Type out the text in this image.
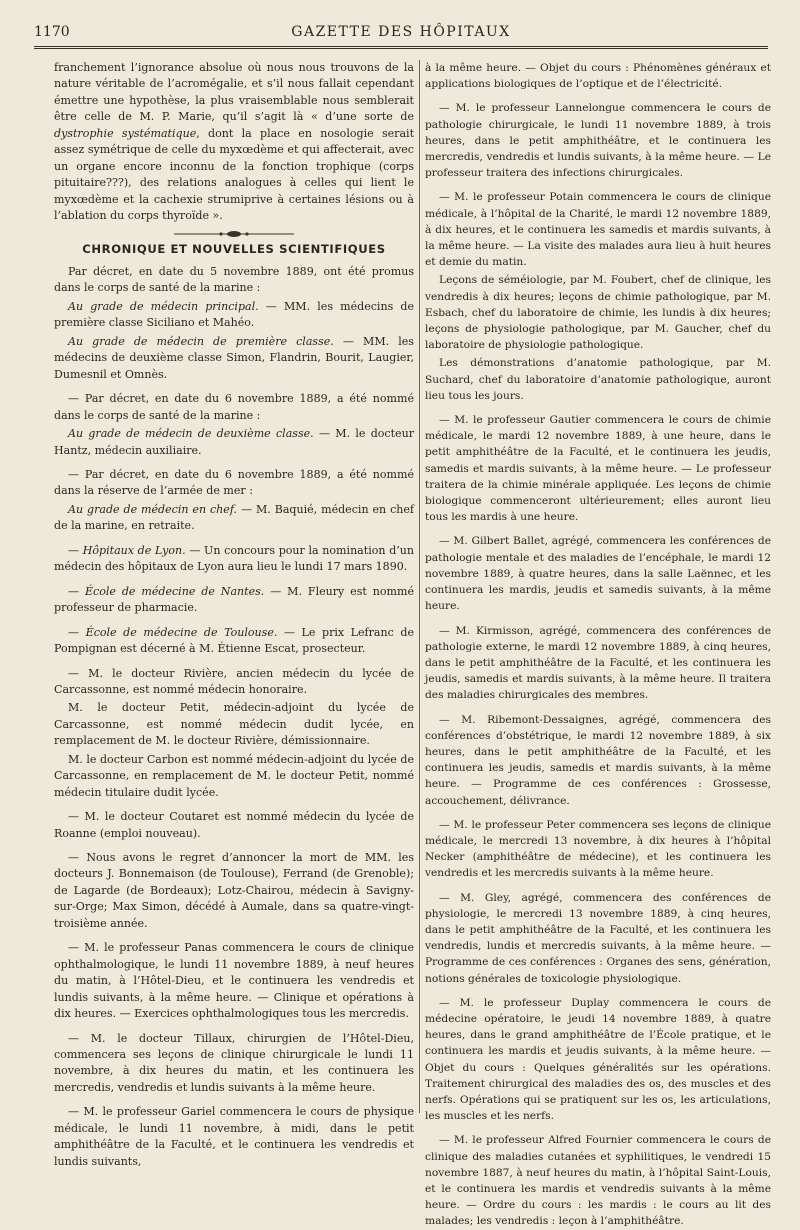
1170	GAZETTE DES HÔPITAUX

franchement l’ignorance absolue où nous nous trouvons de la nature véritable de l’acromégalie, et s’il nous fallait cependant émettre une hypothèse, la plus vraisemblable nous semblerait être celle de M. P. Marie, qu’il s’agit là « d’une sorte de dystrophie systématique, dont la place en nosologie serait assez symétrique de celle du myxœdème et qui affecterait, avec un organe encore inconnu de la fonction trophique (corps pituitaire???), des relations analogues à celles qui lient le myxœdème et la cachexie strumiprive à certaines lésions ou à l’ablation du corps thyroïde ».

CHRONIQUE ET NOUVELLES SCIENTIFIQUES

Par décret, en date du 5 novembre 1889, ont été promus dans le corps de santé de la marine :

Au grade de médecin principal. — MM. les médecins de première classe Siciliano et Mahéo.

Au grade de médecin de première classe. — MM. les médecins de deuxième classe Simon, Flandrin, Bourit, Laugier, Dumesnil et Omnès.

— Par décret, en date du 6 novembre 1889, a été nommé dans le corps de santé de la marine :

Au grade de médecin de deuxième classe. — M. le docteur Hantz, médecin auxiliaire.

— Par décret, en date du 6 novembre 1889, a été nommé dans la réserve de l’armée de mer :

Au grade de médecin en chef. — M. Baquié, médecin en chef de la marine, en retraite.

— Hôpitaux de Lyon. — Un concours pour la nomination d’un médecin des hôpitaux de Lyon aura lieu le lundi 17 mars 1890.

— École de médecine de Nantes. — M. Fleury est nommé professeur de pharmacie.

— École de médecine de Toulouse. — Le prix Lefranc de Pompignan est décerné à M. Étienne Escat, prosecteur.

— M. le docteur Rivière, ancien médecin du lycée de Carcassonne, est nommé médecin honoraire.

M. le docteur Petit, médecin-adjoint du lycée de Carcassonne, est nommé médecin dudit lycée, en remplacement de M. le docteur Rivière, démissionnaire.

M. le docteur Carbon est nommé médecin-adjoint du lycée de Carcassonne, en remplacement de M. le docteur Petit, nommé médecin titulaire dudit lycée.

— M. le docteur Coutaret est nommé médecin du lycée de Roanne (emploi nouveau).

— Nous avons le regret d’annoncer la mort de MM. les docteurs J. Bonnemaison (de Toulouse), Ferrand (de Grenoble); de Lagarde (de Bordeaux); Lotz-Chairou, médecin à Savigny-sur-Orge; Max Simon, décédé à Aumale, dans sa quatre-vingt-troisième année.

— M. le professeur Panas commencera le cours de clinique ophthalmologique, le lundi 11 novembre 1889, à neuf heures du matin, à l’Hôtel-Dieu, et le continuera les vendredis et lundis suivants, à la même heure. — Clinique et opérations à dix heures. — Exercices ophthalmologiques tous les mercredis.

— M. le docteur Tillaux, chirurgien de l’Hôtel-Dieu, commencera ses leçons de clinique chirurgicale le lundi 11 novembre, à dix heures du matin, et les continuera les mercredis, vendredis et lundis suivants à la même heure.

— M. le professeur Gariel commencera le cours de physique médicale, le lundi 11 novembre, à midi, dans le petit amphithéâtre de la Faculté, et le continuera les vendredis et lundis suivants,

à la même heure. — Objet du cours : Phénomènes généraux et applications biologiques de l’optique et de l’électricité.

— M. le professeur Lannelongue commencera le cours de pathologie chirurgicale, le lundi 11 novembre 1889, à trois heures, dans le petit amphithéâtre, et le continuera les mercredis, vendredis et lundis suivants, à la même heure. — Le professeur traitera des infections chirurgicales.

— M. le professeur Potain commencera le cours de clinique médicale, à l’hôpital de la Charité, le mardi 12 novembre 1889, à dix heures, et le continuera les samedis et mardis suivants, à la même heure. — La visite des malades aura lieu à huit heures et demie du matin.

Leçons de séméiologie, par M. Foubert, chef de clinique, les vendredis à dix heures; leçons de chimie pathologique, par M. Esbach, chef du laboratoire de chimie, les lundis à dix heures; leçons de physiologie pathologique, par M. Gaucher, chef du laboratoire de physiologie pathologique.

Les démonstrations d’anatomie pathologique, par M. Suchard, chef du laboratoire d’anatomie pathologique, auront lieu tous les jours.

— M. le professeur Gautier commencera le cours de chimie médicale, le mardi 12 novembre 1889, à une heure, dans le petit amphithéâtre de la Faculté, et le continuera les jeudis, samedis et mardis suivants, à la même heure. — Le professeur traitera de la chimie minérale appliquée. Les leçons de chimie biologique commenceront ultérieurement; elles auront lieu tous les mardis à une heure.

— M. Gilbert Ballet, agrégé, commencera les conférences de pathologie mentale et des maladies de l’encéphale, le mardi 12 novembre 1889, à quatre heures, dans la salle Laënnec, et les continuera les mardis, jeudis et samedis suivants, à la même heure.

— M. Kirmisson, agrégé, commencera des conférences de pathologie externe, le mardi 12 novembre 1889, à cinq heures, dans le petit amphithéâtre de la Faculté, et les continuera les jeudis, samedis et mardis suivants, à la même heure. Il traitera des maladies chirurgicales des membres.

— M. Ribemont-Dessaignes, agrégé, commencera des conférences d’obstétrique, le mardi 12 novembre 1889, à six heures, dans le petit amphithéâtre de la Faculté, et les continuera les jeudis, samedis et mardis suivants, à la même heure. — Programme de ces conférences : Grossesse, accouchement, délivrance.

— M. le professeur Peter commencera ses leçons de clinique médicale, le mercredi 13 novembre, à dix heures à l’hôpital Necker (amphithéâtre de médecine), et les continuera les vendredis et les mercredis suivants à la même heure.

— M. Gley, agrégé, commencera des conférences de physiologie, le mercredi 13 novembre 1889, à cinq heures, dans le petit amphithéâtre de la Faculté, et les continuera les vendredis, lundis et mercredis suivants, à la même heure. — Programme de ces conférences : Organes des sens, génération, notions générales de toxicologie physiologique.

— M. le professeur Duplay commencera le cours de médecine opératoire, le jeudi 14 novembre 1889, à quatre heures, dans le grand amphithéâtre de l’École pratique, et le continuera les mardis et jeudis suivants, à la même heure. — Objet du cours : Quelques généralités sur les opérations. Traitement chirurgical des maladies des os, des muscles et des nerfs. Opérations qui se pratiquent sur les os, les articulations, les muscles et les nerfs.

— M. le professeur Alfred Fournier commencera le cours de clinique des maladies cutanées et syphilitiques, le vendredi 15 novembre 1887, à neuf heures du matin, à l’hôpital Saint-Louis, et le continuera les mardis et vendredis suivants à la même heure. — Ordre du cours : les mardis : le cours au lit des malades; les vendredis : leçon à l’amphithéâtre.
